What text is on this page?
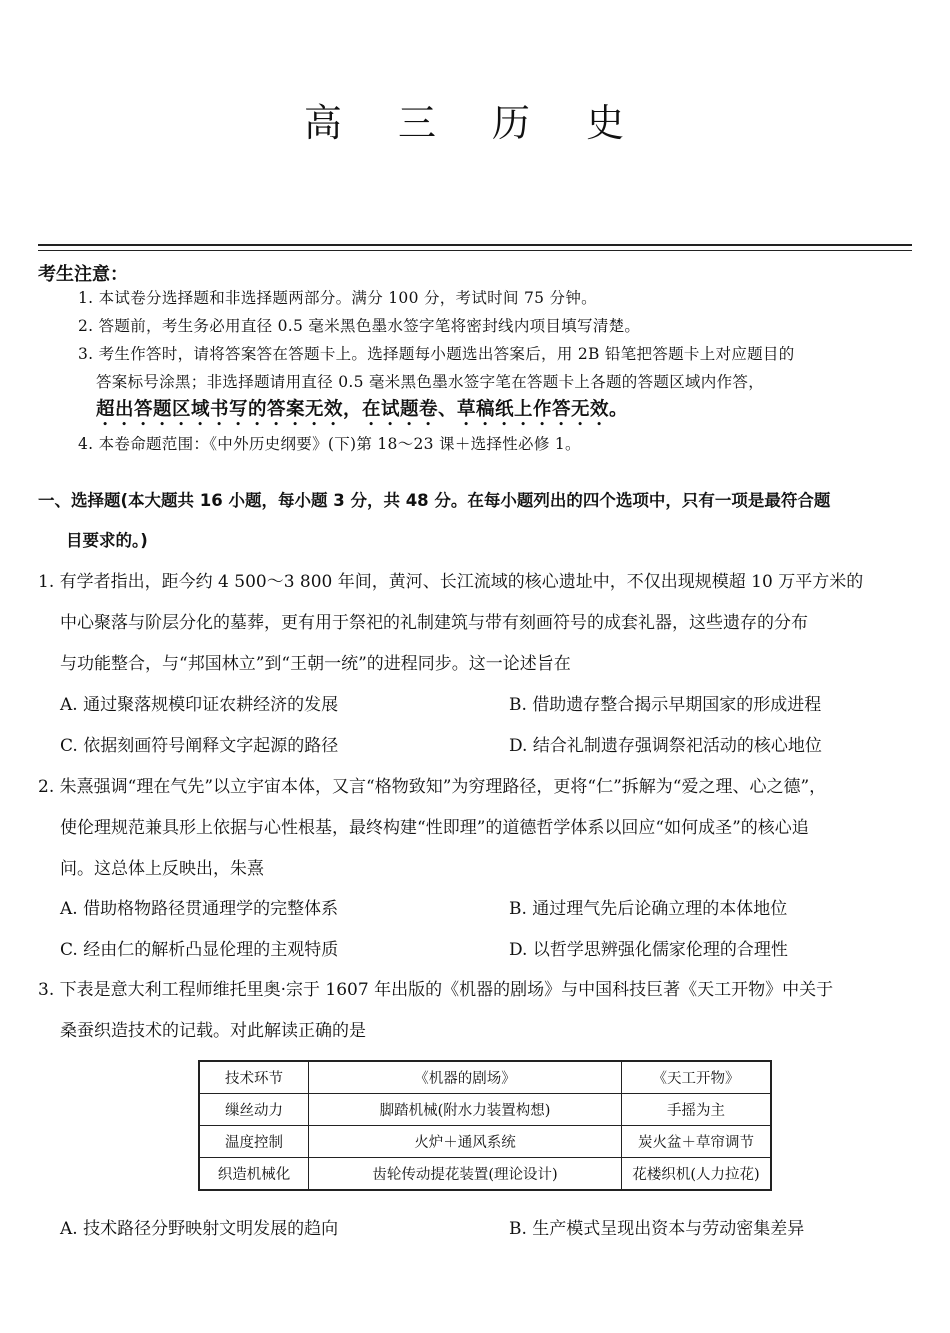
高 三 历 史
考生注意：
1. 本试卷分选择题和非选择题两部分。满分 100 分，考试时间 75 分钟。
2. 答题前，考生务必用直径 0.5 毫米黑色墨水签字笔将密封线内项目填写清楚。
3. 考生作答时，请将答案答在答题卡上。选择题每小题选出答案后，用 2B 铅笔把答题卡上对应题目的
答案标号涂黑；非选择题请用直径 0.5 毫米黑色墨水签字笔在答题卡上各题的答题区域内作答，
超出答题区域书写的答案无效，在试题卷、草稿纸上作答无效。
4. 本卷命题范围：《中外历史纲要》(下)第 18～23 课＋选择性必修 1。
一、选择题(本大题共 16 小题，每小题 3 分，共 48 分。在每小题列出的四个选项中，只有一项是最符合题
目要求的。)
1. 有学者指出，距今约 4 500～3 800 年间，黄河、长江流域的核心遗址中，不仅出现规模超 10 万平方米的
中心聚落与阶层分化的墓葬，更有用于祭祀的礼制建筑与带有刻画符号的成套礼器，这些遗存的分布
与功能整合，与“邦国林立”到“王朝一统”的进程同步。这一论述旨在
A. 通过聚落规模印证农耕经济的发展	B. 借助遗存整合揭示早期国家的形成进程
C. 依据刻画符号阐释文字起源的路径	D. 结合礼制遗存强调祭祀活动的核心地位
2. 朱熹强调“理在气先”以立宇宙本体，又言“格物致知”为穷理路径，更将“仁”拆解为“爱之理、心之德”，
使伦理规范兼具形上依据与心性根基，最终构建“性即理”的道德哲学体系以回应“如何成圣”的核心追
问。这总体上反映出，朱熹
A. 借助格物路径贯通理学的完整体系	B. 通过理气先后论确立理的本体地位
C. 经由仁的解析凸显伦理的主观特质	D. 以哲学思辨强化儒家伦理的合理性
3. 下表是意大利工程师维托里奥·宗于 1607 年出版的《机器的剧场》与中国科技巨著《天工开物》中关于
桑蚕织造技术的记载。对此解读正确的是
技术环节	《机器的剧场》	《天工开物》
缫丝动力	脚踏机械(附水力装置构想)	手摇为主
温度控制	火炉＋通风系统	炭火盆＋草帘调节
织造机械化	齿轮传动提花装置(理论设计)	花楼织机(人力拉花)
A. 技术路径分野映射文明发展的趋向	B. 生产模式呈现出资本与劳动密集差异
